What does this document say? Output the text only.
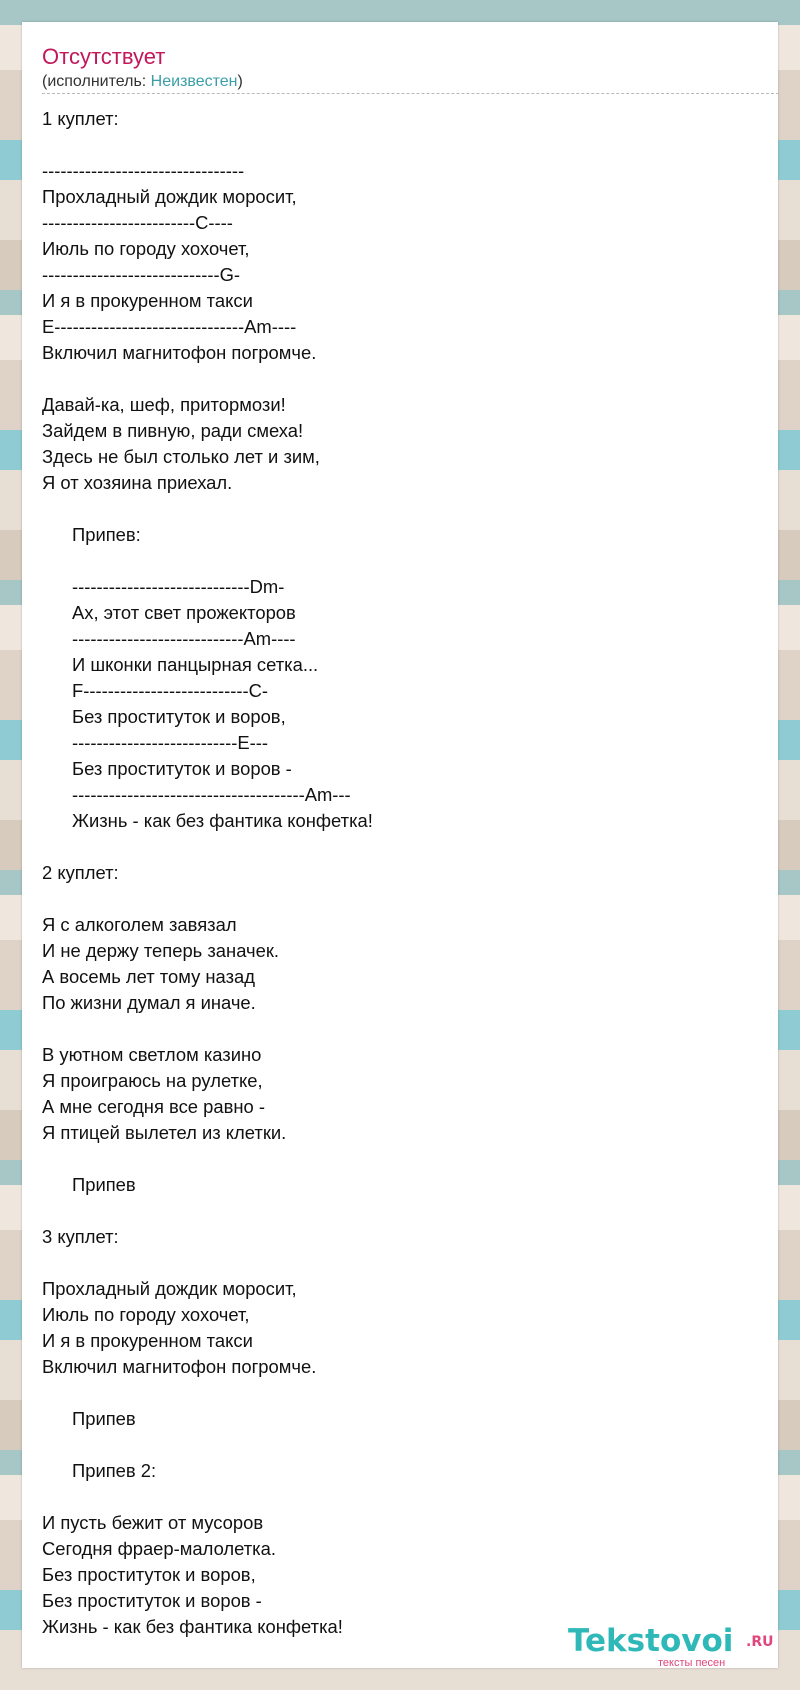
Отсутствует
(исполнитель: Неизвестен)
1 куплет:
---------------------------------
Прохладный дождик моросит,
-------------------------C----
Июль по городу хохочет,
-----------------------------G-
И я в прокуренном такси
E-------------------------------Am----
Включил магнитофон погромче.
Давай-ка, шеф, притормози!
Зайдем в пивную, ради смеха!
Здесь не был столько лет и зим,
Я от хозяина приехал.
Припев:
-----------------------------Dm-
Ах, этот свет прожекторов
----------------------------Am----
И шконки панцырная сетка...
F---------------------------C-
Без проституток и воров,
---------------------------E---
Без проституток и воров -
--------------------------------------Am---
Жизнь - как без фантика конфетка!
2 куплет:
Я с алкоголем завязал
И не держу теперь заначек.
А восемь лет тому назад
По жизни думал я иначе.
В уютном светлом казино
Я проиграюсь на рулетке,
А мне сегодня все равно -
Я птицей вылетел из клетки.
Припев
3 куплет:
Прохладный дождик моросит,
Июль по городу хохочет,
И я в прокуренном такси
Включил магнитофон погромче.
Припев
Припев 2:
И пусть бежит от мусоров
Сегодня фраер-малолетка.
Без проституток и воров,
Без проституток и воров -
Жизнь - как без фантика конфетка!	Tekstovoi .RU
тексты песен
